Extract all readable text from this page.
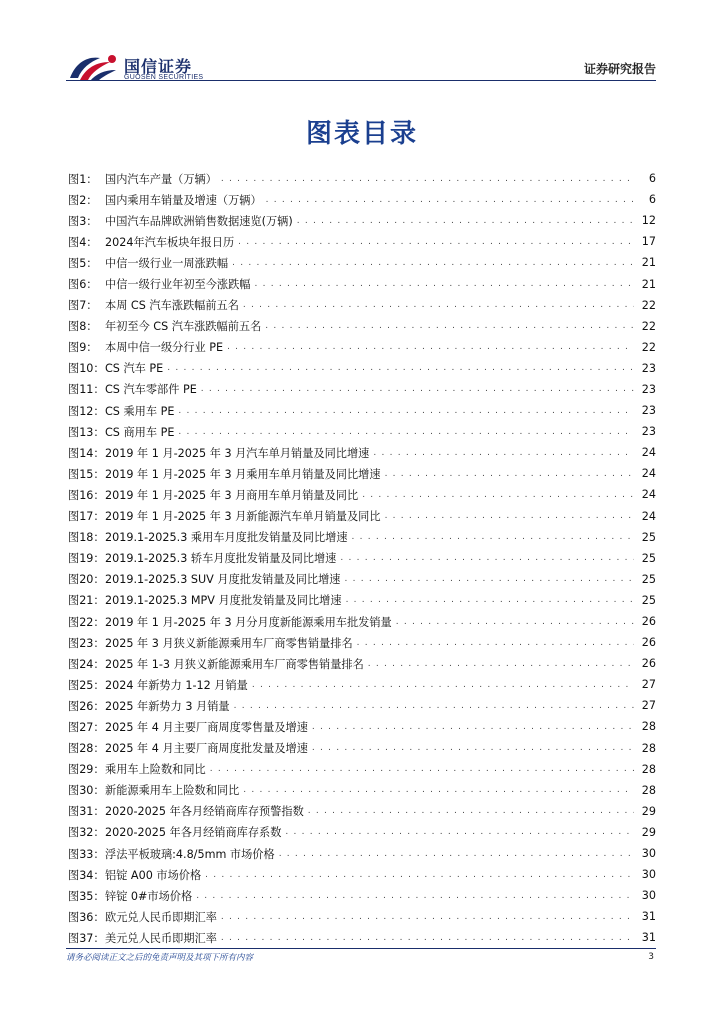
国信证券
GUOSEN SECURITIES
证券研究报告
图表目录
图1： 国内汽车产量（万辆） . . .	6
图2： 国内乘用车销量及增速（万辆） . . .	6
图3： 中国汽车品牌欧洲销售数据速览(万辆) . . .	12
图4： 2024年汽车板块年报日历 . . .	17
图5： 中信一级行业一周涨跌幅 . . .	21
图6： 中信一级行业年初至今涨跌幅 . . .	21
图7： 本周 CS 汽车涨跌幅前五名 . . .	22
图8： 年初至今 CS 汽车涨跌幅前五名 . . .	22
图9： 本周中信一级分行业 PE . . .	22
图10： CS 汽车 PE . . .	23
图11： CS 汽车零部件 PE . . .	23
图12： CS 乘用车 PE . . .	23
图13： CS 商用车 PE . . .	23
图14： 2019 年 1 月-2025 年 3 月汽车单月销量及同比增速 . . .	24
图15： 2019 年 1 月-2025 年 3 月乘用车单月销量及同比增速 . . .	24
图16： 2019 年 1 月-2025 年 3 月商用车单月销量及同比 . . .	24
图17： 2019 年 1 月-2025 年 3 月新能源汽车单月销量及同比 . . .	24
图18： 2019.1-2025.3 乘用车月度批发销量及同比增速 . . .	25
图19： 2019.1-2025.3 轿车月度批发销量及同比增速 . . .	25
图20： 2019.1-2025.3 SUV 月度批发销量及同比增速 . . .	25
图21： 2019.1-2025.3 MPV 月度批发销量及同比增速 . . .	25
图22： 2019 年 1 月-2025 年 3 月分月度新能源乘用车批发销量 . . .	26
图23： 2025 年 3 月狭义新能源乘用车厂商零售销量排名 . . .	26
图24： 2025 年 1-3 月狭义新能源乘用车厂商零售销量排名 . . .	26
图25： 2024 年新势力 1-12 月销量 . . .	27
图26： 2025 年新势力 3 月销量 . . .	27
图27： 2025 年 4 月主要厂商周度零售量及增速 . . .	28
图28： 2025 年 4 月主要厂商周度批发量及增速 . . .	28
图29： 乘用车上险数和同比 . . .	28
图30： 新能源乘用车上险数和同比 . . .	28
图31： 2020-2025 年各月经销商库存预警指数 . . .	29
图32： 2020-2025 年各月经销商库存系数 . . .	29
图33： 浮法平板玻璃:4.8/5mm 市场价格 . . .	30
图34： 铝锭 A00 市场价格 . . .	30
图35： 锌锭 0#市场价格 . . .	30
图36： 欧元兑人民币即期汇率 . . .	31
图37： 美元兑人民币即期汇率 . . .	31
请务必阅读正文之后的免责声明及其项下所有内容	3
